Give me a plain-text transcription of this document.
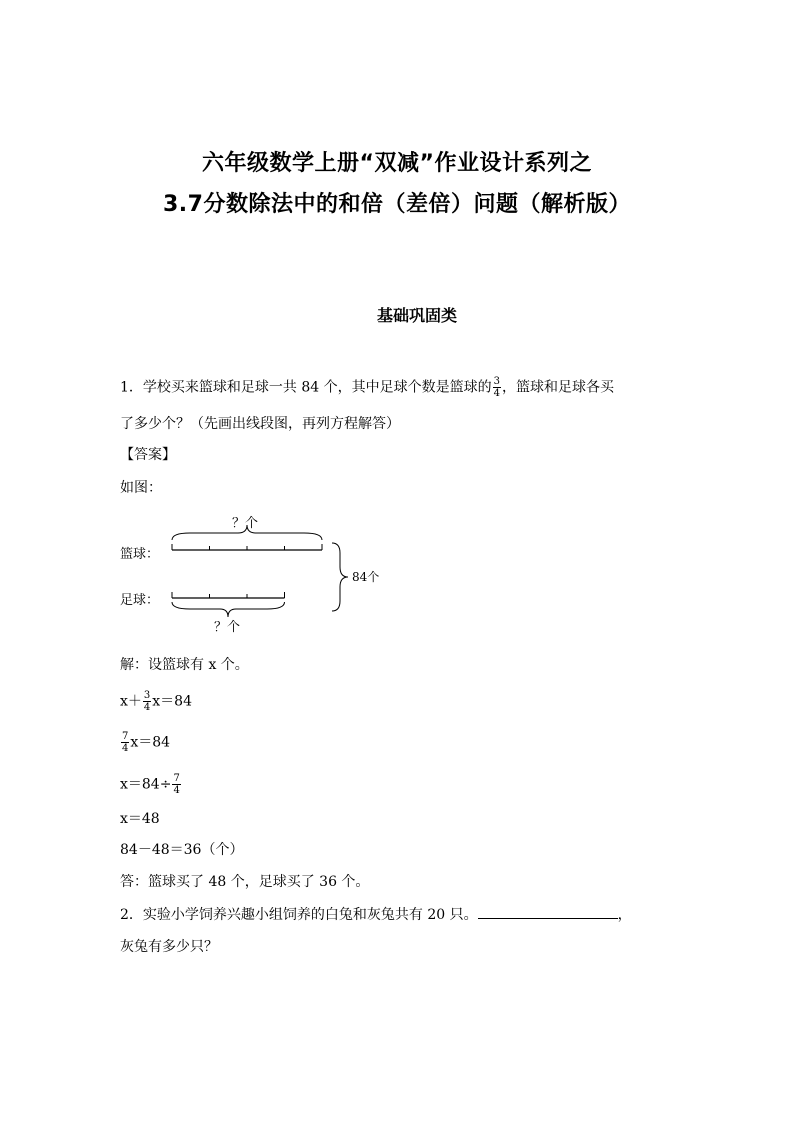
六年级数学上册“双减”作业设计系列之
3.7分数除法中的和倍（差倍）问题（解析版）
基础巩固类
1．学校买来篮球和足球一共 84 个，其中足球个数是篮球的 $\frac{3}{4}$ ，篮球和足球各买
了多少个？（先画出线段图，再列方程解答）
【答案】
如图：
？个
篮球：
84个
足球：
？个
解：设篮球有 x 个。
$x+ \frac{3}{4} x=84$
$\frac{7}{4} x=84$
$x=84\div \frac{7}{4}$
x＝48
84－48＝36（个）
答：篮球买了 48 个，足球买了 36 个。
2．实验小学饲养兴趣小组饲养的白兔和灰兔共有 20 只。	，
灰兔有多少只？
